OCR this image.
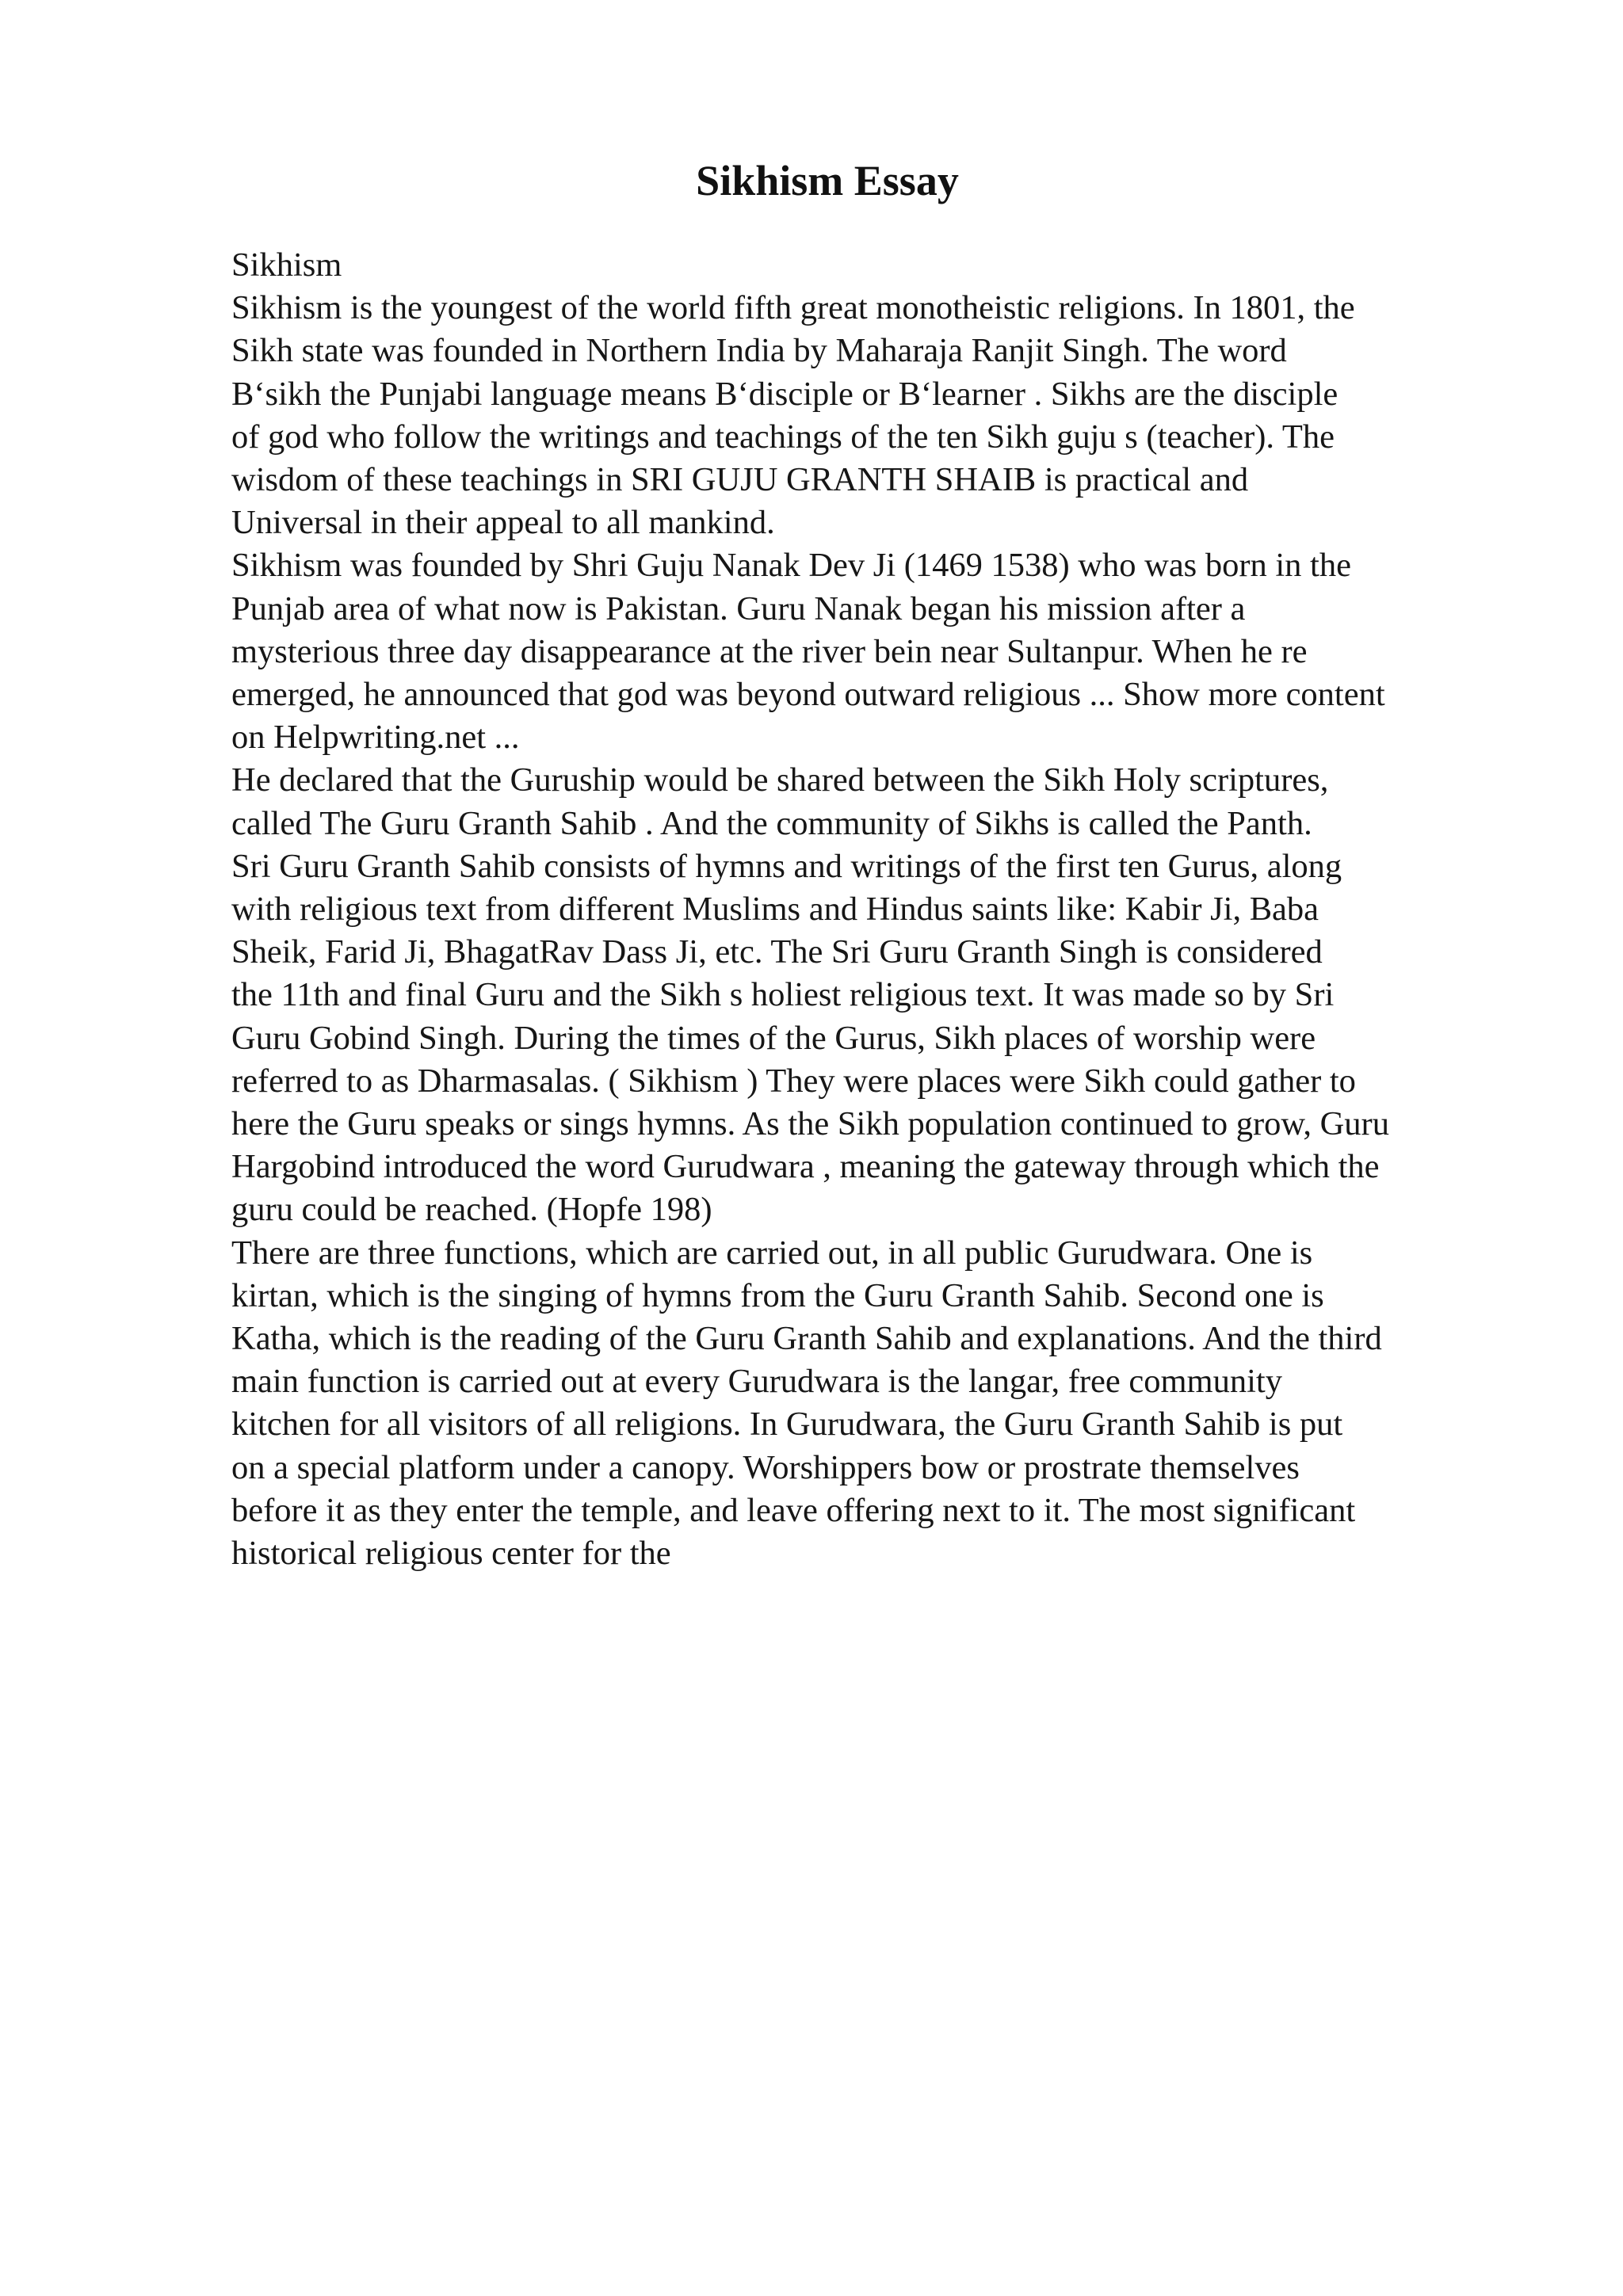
Sikhism Essay
Sikhism
Sikhism is the youngest of the world fifth great monotheistic religions. In 1801, the
Sikh state was founded in Northern India by Maharaja Ranjit Singh. The word
B‘sikh the Punjabi language means B‘disciple or B‘learner . Sikhs are the disciple
of god who follow the writings and teachings of the ten Sikh guju s (teacher). The
wisdom of these teachings in SRI GUJU GRANTH SHAIB is practical and
Universal in their appeal to all mankind.
Sikhism was founded by Shri Guju Nanak Dev Ji (1469 1538) who was born in the
Punjab area of what now is Pakistan. Guru Nanak began his mission after a
mysterious three day disappearance at the river bein near Sultanpur. When he re
emerged, he announced that god was beyond outward religious ... Show more content
on Helpwriting.net ...
He declared that the Guruship would be shared between the Sikh Holy scriptures,
called The Guru Granth Sahib . And the community of Sikhs is called the Panth.
Sri Guru Granth Sahib consists of hymns and writings of the first ten Gurus, along
with religious text from different Muslims and Hindus saints like: Kabir Ji, Baba
Sheik, Farid Ji, BhagatRav Dass Ji, etc. The Sri Guru Granth Singh is considered
the 11th and final Guru and the Sikh s holiest religious text. It was made so by Sri
Guru Gobind Singh. During the times of the Gurus, Sikh places of worship were
referred to as Dharmasalas. ( Sikhism ) They were places were Sikh could gather to
here the Guru speaks or sings hymns. As the Sikh population continued to grow, Guru
Hargobind introduced the word Gurudwara , meaning the gateway through which the
guru could be reached. (Hopfe 198)
There are three functions, which are carried out, in all public Gurudwara. One is
kirtan, which is the singing of hymns from the Guru Granth Sahib. Second one is
Katha, which is the reading of the Guru Granth Sahib and explanations. And the third
main function is carried out at every Gurudwara is the langar, free community
kitchen for all visitors of all religions. In Gurudwara, the Guru Granth Sahib is put
on a special platform under a canopy. Worshippers bow or prostrate themselves
before it as they enter the temple, and leave offering next to it. The most significant
historical religious center for the
